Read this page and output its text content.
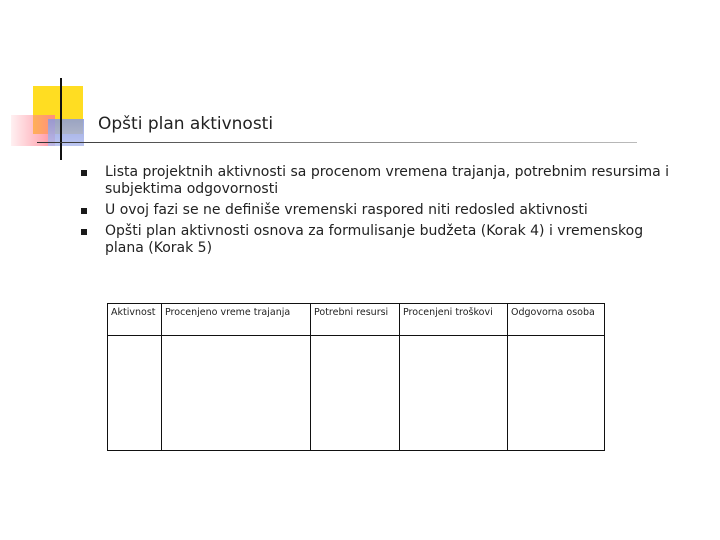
Opšti plan aktivnosti
Lista projektnih aktivnosti sa procenom vremena trajanja, potrebnim resursima i subjektima odgovornosti
U ovoj fazi se ne definiše vremenski raspored niti redosled aktivnosti
Opšti plan aktivnosti osnova za formulisanje budžeta (Korak 4) i vremenskog plana (Korak 5)
Aktivnost	Procenjeno vreme trajanja	Potrebni resursi	Procenjeni troškovi	Odgovorna osoba
